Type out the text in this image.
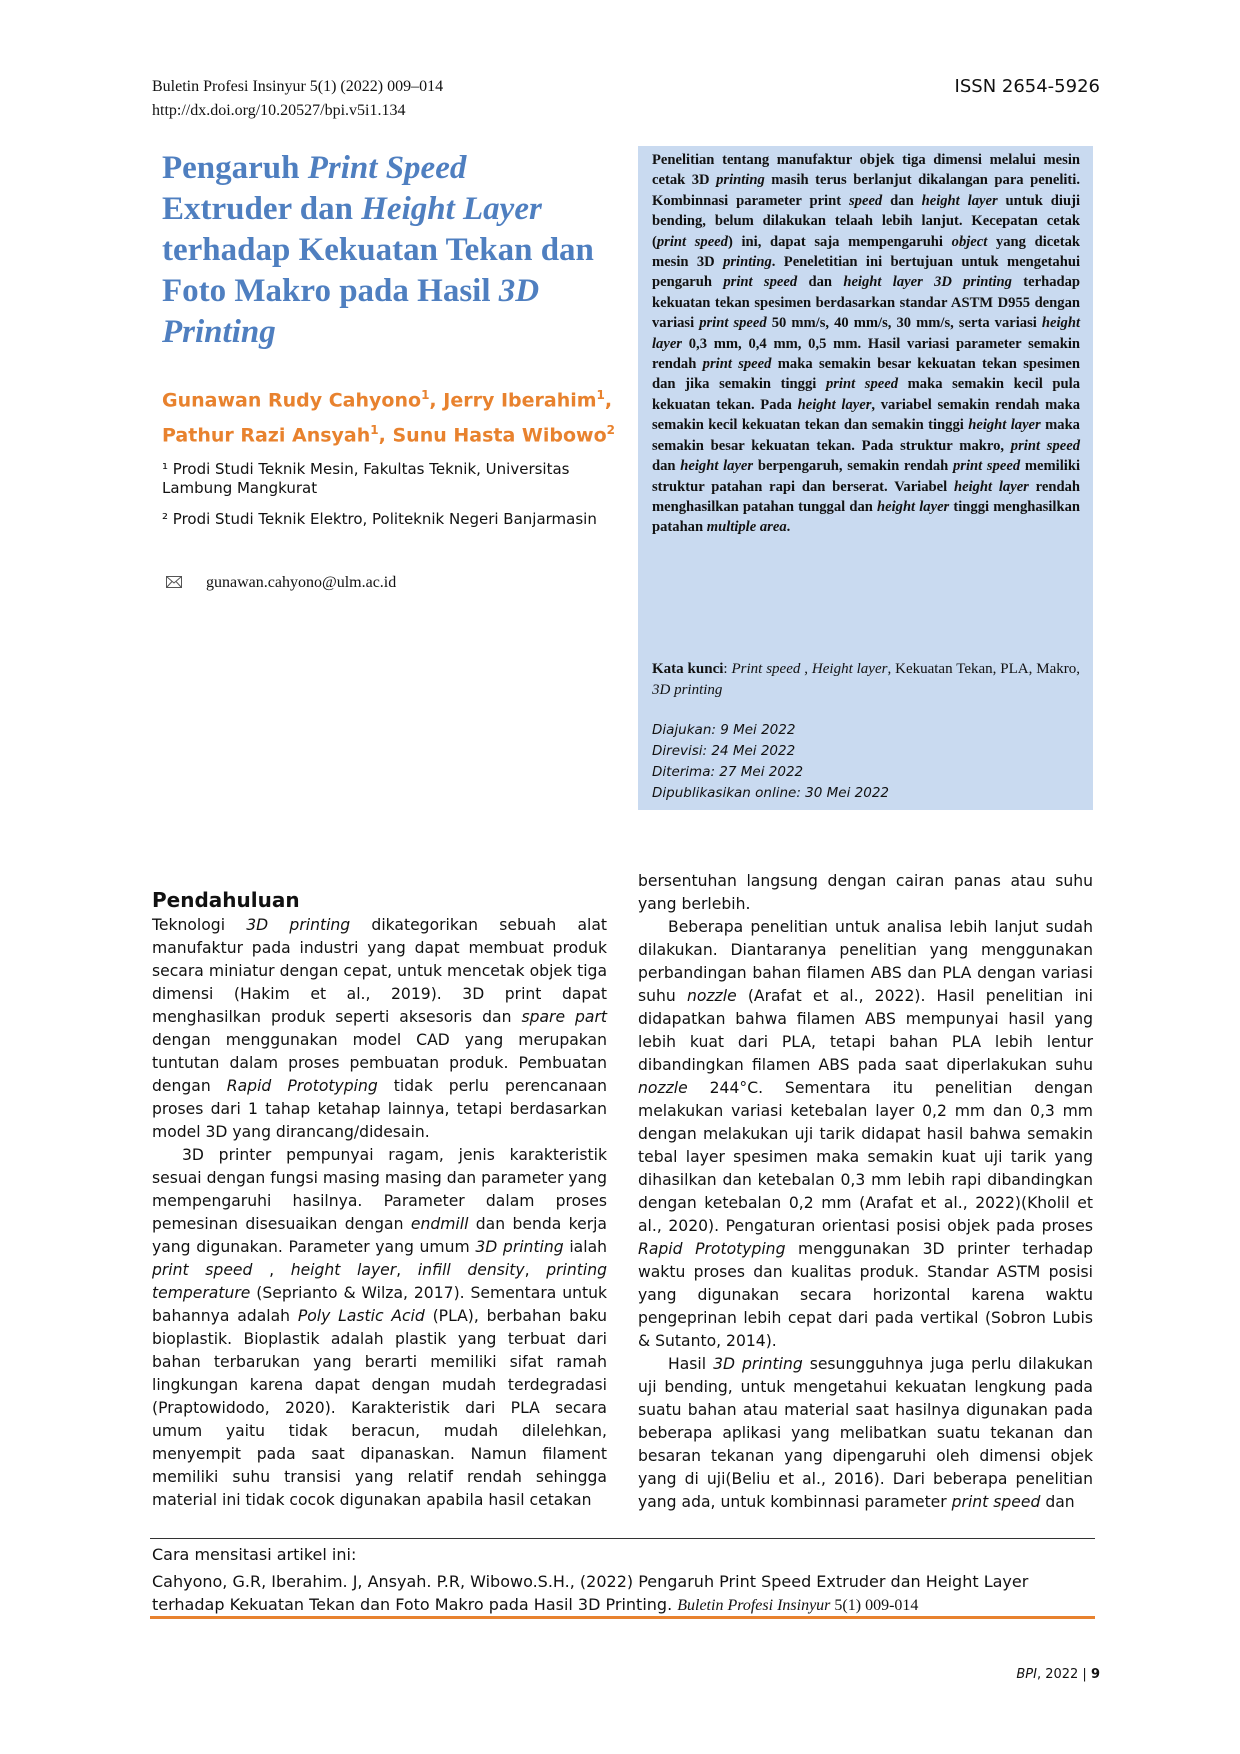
Buletin Profesi Insinyur 5(1) (2022) 009–014
http://dx.doi.org/10.20527/bpi.v5i1.134
ISSN 2654-5926
Pengaruh Print Speed
Extruder dan Height Layer terhadap Kekuatan Tekan dan Foto Makro pada Hasil 3D Printing
Gunawan Rudy Cahyono$^1$, Jerry Iberahim$^1$,
Pathur Razi Ansyah$^1$, Sunu Hasta Wibowo$^2$
¹ Prodi Studi Teknik Mesin, Fakultas Teknik, Universitas Lambung Mangkurat
² Prodi Studi Teknik Elektro, Politeknik Negeri Banjarmasin
gunawan.cahyono@ulm.ac.id
Penelitian tentang manufaktur objek tiga dimensi melalui mesin cetak 3D printing masih terus berlanjut dikalangan para peneliti. Kombinnasi parameter print speed dan height layer untuk diuji bending, belum dilakukan telaah lebih lanjut. Kecepatan cetak (print speed) ini, dapat saja mempengaruhi object yang dicetak mesin 3D printing. Peneletitian ini bertujuan untuk mengetahui pengaruh print speed dan height layer 3D printing terhadap kekuatan tekan spesimen berdasarkan standar ASTM D955 dengan variasi print speed 50 mm/s, 40 mm/s, 30 mm/s, serta variasi height layer 0,3 mm, 0,4 mm, 0,5 mm. Hasil variasi parameter semakin rendah print speed maka semakin besar kekuatan tekan spesimen dan jika semakin tinggi print speed maka semakin kecil pula kekuatan tekan. Pada height layer, variabel semakin rendah maka semakin kecil kekuatan tekan dan semakin tinggi height layer maka semakin besar kekuatan tekan. Pada struktur makro, print speed dan height layer berpengaruh, semakin rendah print speed memiliki struktur patahan rapi dan berserat. Variabel height layer rendah menghasilkan patahan tunggal dan height layer tinggi menghasilkan patahan multiple area.
Kata kunci: Print speed , Height layer, Kekuatan Tekan, PLA, Makro, 3D printing
Diajukan: 9 Mei 2022
Direvisi: 24 Mei 2022
Diterima: 27 Mei 2022
Dipublikasikan online: 30 Mei 2022
Pendahuluan

Teknologi 3D printing dikategorikan sebuah alat manufaktur pada industri yang dapat membuat produk secara miniatur dengan cepat, untuk mencetak objek tiga dimensi (Hakim et al., 2019). 3D print dapat menghasilkan produk seperti aksesoris dan spare part dengan menggunakan model CAD yang merupakan tuntutan dalam proses pembuatan produk. Pembuatan dengan Rapid Prototyping tidak perlu perencanaan proses dari 1 tahap ketahap lainnya, tetapi berdasarkan model 3D yang dirancang/didesain.

3D printer pempunyai ragam, jenis karakteristik sesuai dengan fungsi masing masing dan parameter yang mempengaruhi hasilnya. Parameter dalam proses pemesinan disesuaikan dengan endmill dan benda kerja yang digunakan. Parameter yang umum 3D printing ialah print speed , height layer, infill density, printing temperature (Seprianto & Wilza, 2017). Sementara untuk bahannya adalah Poly Lastic Acid (PLA), berbahan baku bioplastik. Bioplastik adalah plastik yang terbuat dari bahan terbarukan yang berarti memiliki sifat ramah lingkungan karena dapat dengan mudah terdegradasi (Praptowidodo, 2020). Karakteristik dari PLA secara umum yaitu tidak beracun, mudah dilelehkan, menyempit pada saat dipanaskan. Namun filament memiliki suhu transisi yang relatif rendah sehingga material ini tidak cocok digunakan apabila hasil cetakan

bersentuhan langsung dengan cairan panas atau suhu yang berlebih.

Beberapa penelitian untuk analisa lebih lanjut sudah dilakukan. Diantaranya penelitian yang menggunakan perbandingan bahan filamen ABS dan PLA dengan variasi suhu nozzle (Arafat et al., 2022). Hasil penelitian ini didapatkan bahwa filamen ABS mempunyai hasil yang lebih kuat dari PLA, tetapi bahan PLA lebih lentur dibandingkan filamen ABS pada saat diperlakukan suhu nozzle 244°C. Sementara itu penelitian dengan melakukan variasi ketebalan layer 0,2 mm dan 0,3 mm dengan melakukan uji tarik didapat hasil bahwa semakin tebal layer spesimen maka semakin kuat uji tarik yang dihasilkan dan ketebalan 0,3 mm lebih rapi dibandingkan dengan ketebalan 0,2 mm (Arafat et al., 2022)(Kholil et al., 2020). Pengaturan orientasi posisi objek pada proses Rapid Prototyping menggunakan 3D printer terhadap waktu proses dan kualitas produk. Standar ASTM posisi yang digunakan secara horizontal karena waktu pengeprinan lebih cepat dari pada vertikal (Sobron Lubis & Sutanto, 2014).

Hasil 3D printing sesungguhnya juga perlu dilakukan uji bending, untuk mengetahui kekuatan lengkung pada suatu bahan atau material saat hasilnya digunakan pada beberapa aplikasi yang melibatkan suatu tekanan dan besaran tekanan yang dipengaruhi oleh dimensi objek yang di uji(Beliu et al., 2016). Dari beberapa penelitian yang ada, untuk kombinnasi parameter print speed dan

Cara mensitasi artikel ini:
Cahyono, G.R, Iberahim. J, Ansyah. P.R, Wibowo.S.H., (2022) Pengaruh Print Speed Extruder dan Height Layer terhadap Kekuatan Tekan dan Foto Makro pada Hasil 3D Printing. Buletin Profesi Insinyur 5(1) 009-014
BPI, 2022 | 9
